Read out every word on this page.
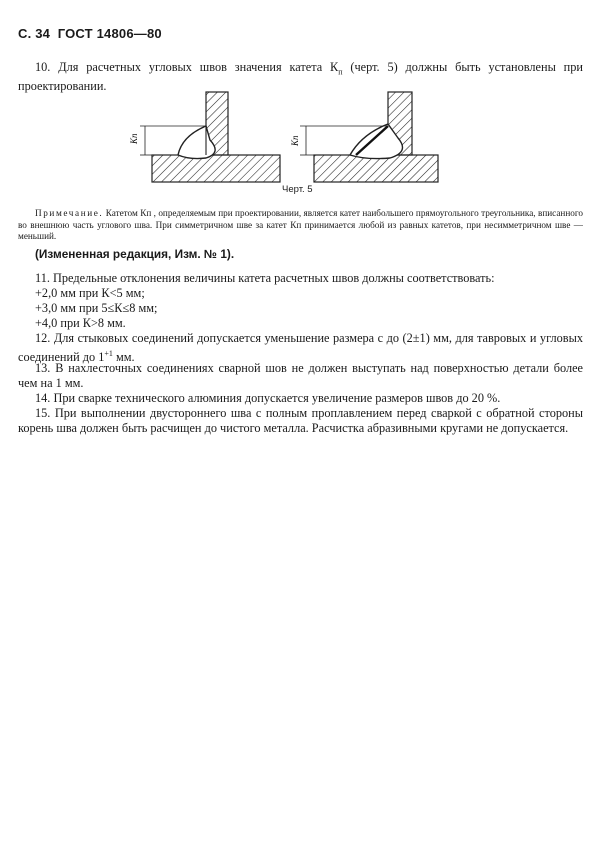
С. 34 ГОСТ 14806—80
10. Для расчетных угловых швов значения катета $К_п$ (черт. 5) должны быть установлены при проектировании.
Кп	Кп
Черт. 5
Примечание. Катетом Кп , определяемым при проектировании, является катет наибольшего прямоугольного треугольника, вписанного во внешнюю часть углового шва. При симметричном шве за катет Кп принимается любой из равных катетов, при несимметричном шве — меньший.
(Измененная редакция, Изм. № 1).
11. Предельные отклонения величины катета расчетных швов должны соответствовать:
+2,0 мм при К<5 мм;
+3,0 мм при 5≤К≤8 мм;
+4,0 при К>8 мм.
12. Для стыковых соединений допускается уменьшение размера с до (2±1) мм, для тавровых и угловых соединений до $1^{+1}$ мм.
13. В нахлесточных соединениях сварной шов не должен выступать над поверхностью детали более чем на 1 мм.
14. При сварке технического алюминия допускается увеличение размеров швов до 20 %.
15. При выполнении двустороннего шва с полным проплавлением перед сваркой с обратной стороны корень шва должен быть расчищен до чистого металла. Расчистка абразивными кругами не допускается.
